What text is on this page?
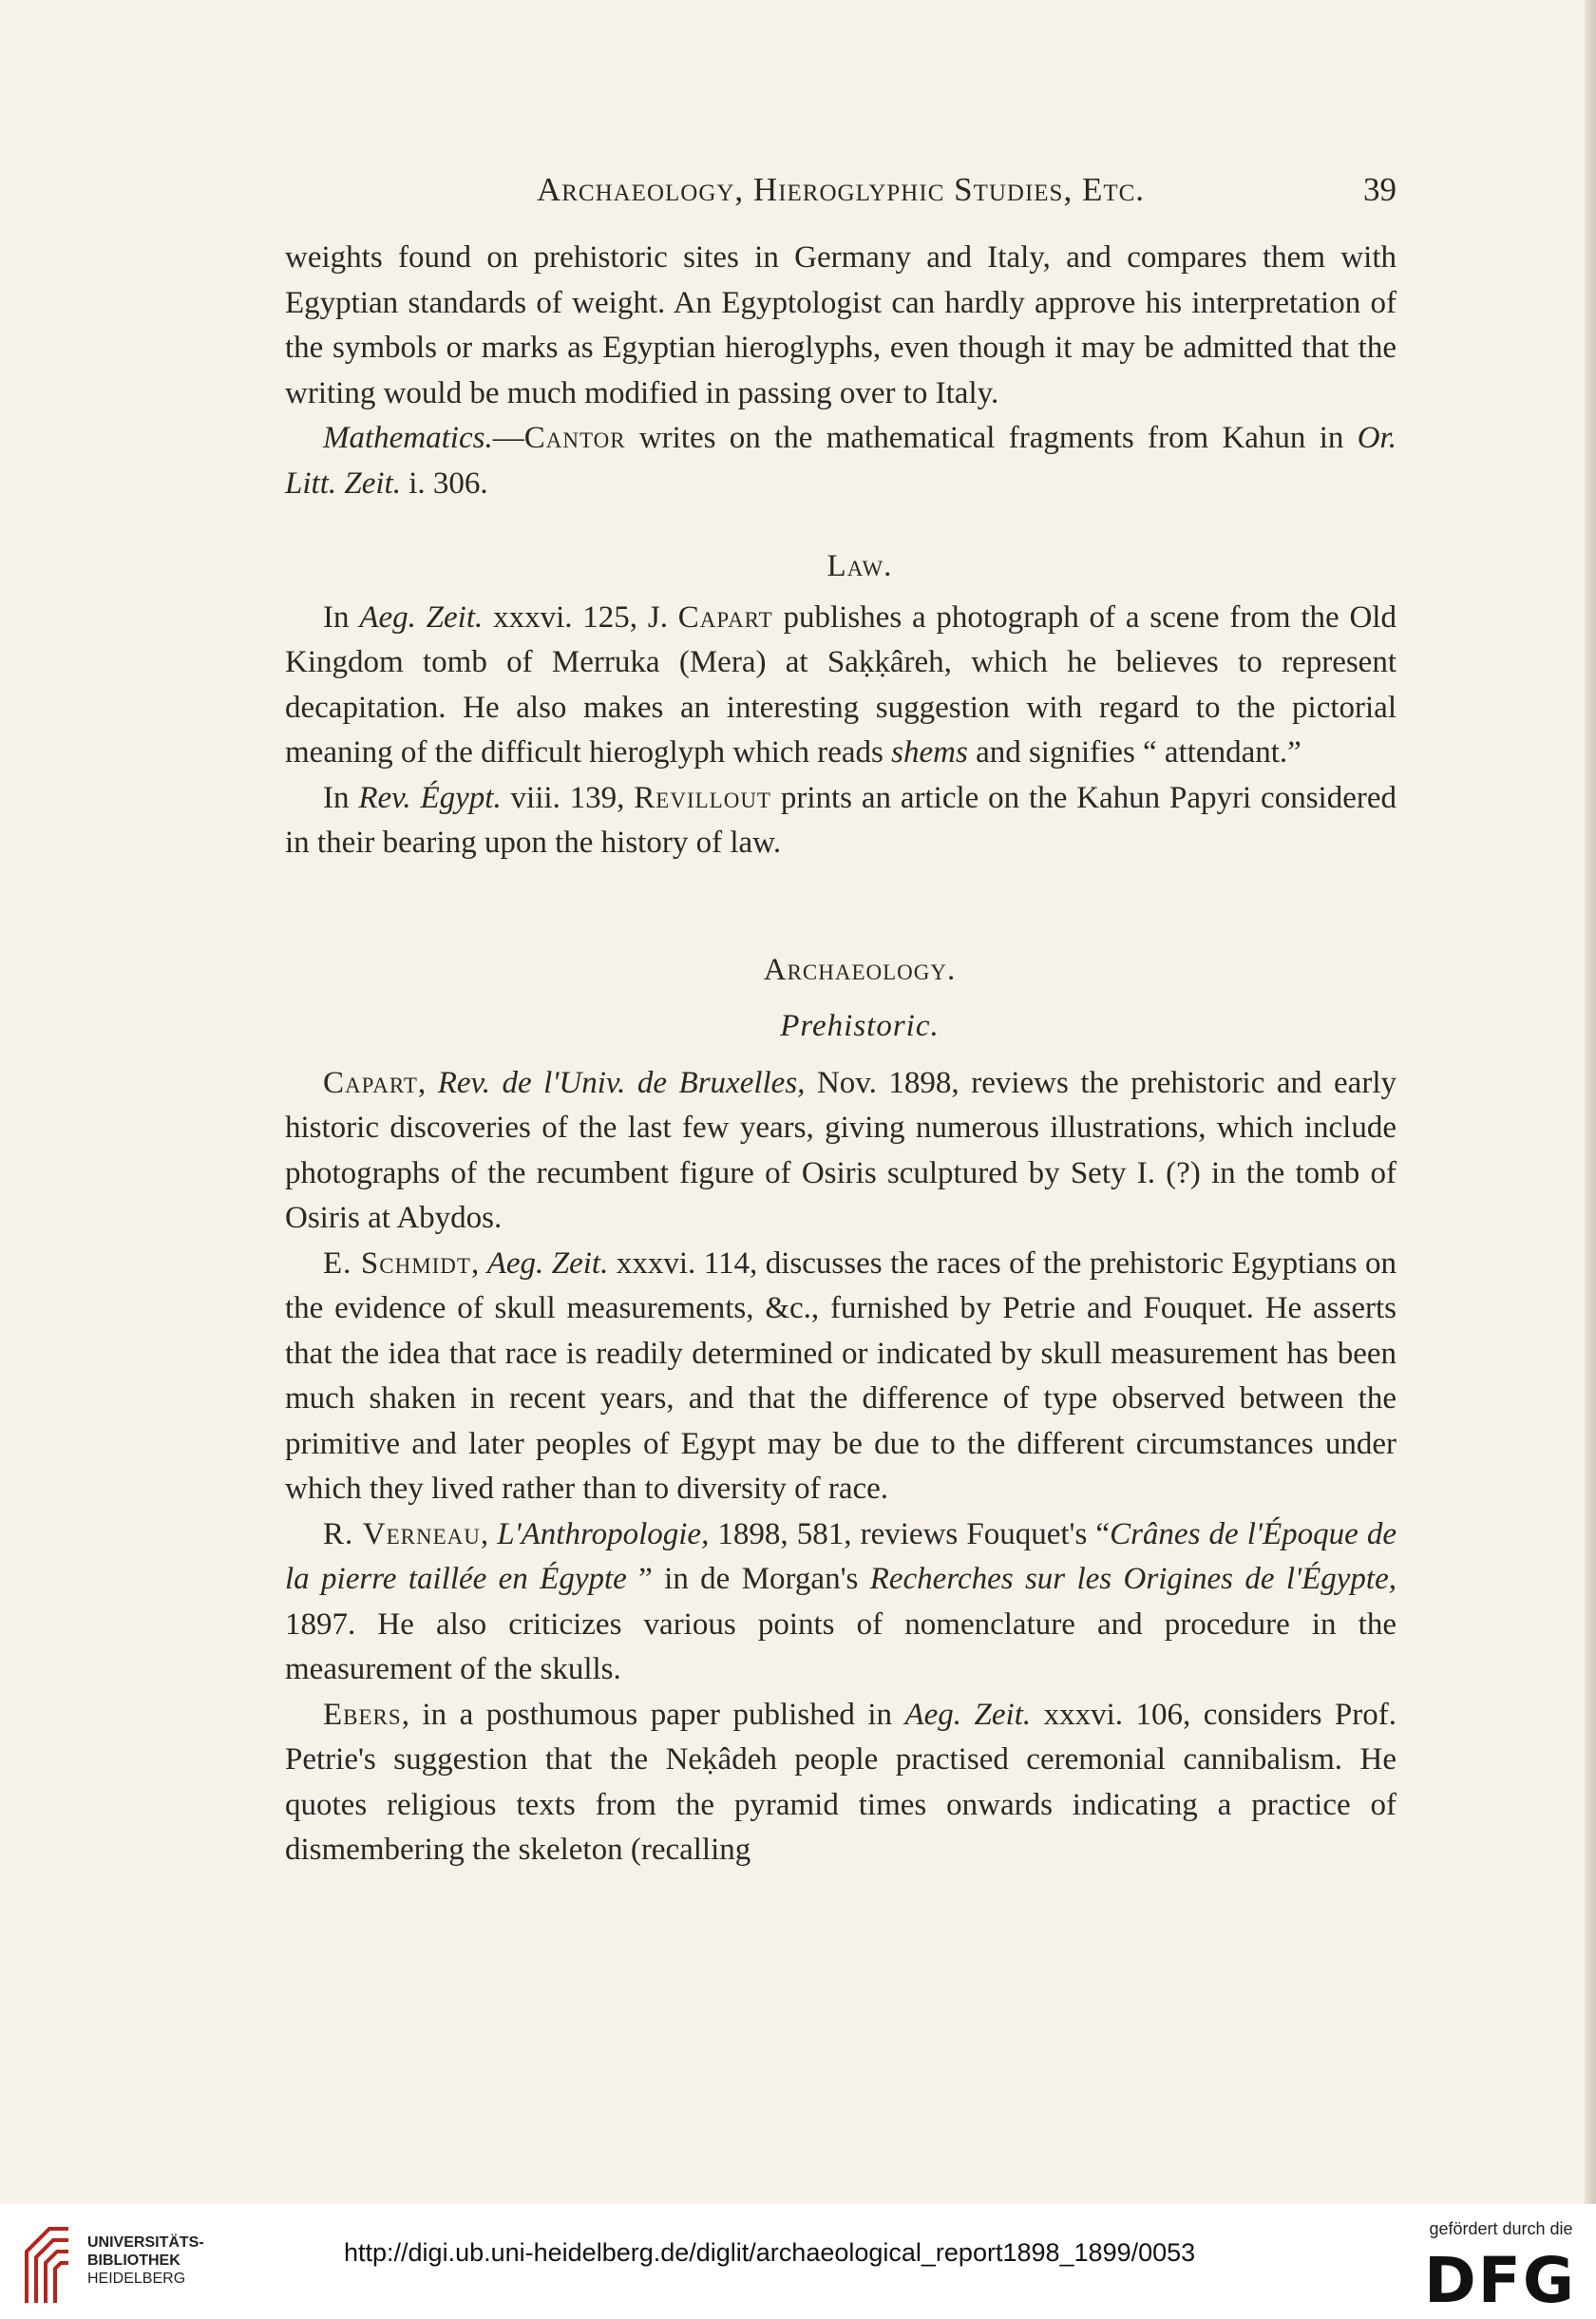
Archaeology, Hieroglyphic Studies, Etc.	39

weights found on prehistoric sites in Germany and Italy, and compares them with Egyptian standards of weight. An Egyptologist can hardly approve his interpretation of the symbols or marks as Egyptian hieroglyphs, even though it may be admitted that the writing would be much modified in passing over to Italy.

Mathematics.—Cantor writes on the mathematical fragments from Kahun in Or. Litt. Zeit. i. 306.

Law.

In Aeg. Zeit. xxxvi. 125, J. Capart publishes a photograph of a scene from the Old Kingdom tomb of Merruka (Mera) at Saḳḳâreh, which he believes to represent decapitation. He also makes an interesting suggestion with regard to the pictorial meaning of the difficult hieroglyph which reads shems and signifies “ attendant.”

In Rev. Égypt. viii. 139, Revillout prints an article on the Kahun Papyri considered in their bearing upon the history of law.

Archaeology.

Prehistoric.

Capart, Rev. de l'Univ. de Bruxelles, Nov. 1898, reviews the prehistoric and early historic discoveries of the last few years, giving numerous illustrations, which include photographs of the recumbent figure of Osiris sculptured by Sety I. (?) in the tomb of Osiris at Abydos.

E. Schmidt, Aeg. Zeit. xxxvi. 114, discusses the races of the prehistoric Egyptians on the evidence of skull measurements, &c., furnished by Petrie and Fouquet. He asserts that the idea that race is readily determined or indicated by skull measurement has been much shaken in recent years, and that the difference of type observed between the primitive and later peoples of Egypt may be due to the different circumstances under which they lived rather than to diversity of race.

R. Verneau, L'Anthropologie, 1898, 581, reviews Fouquet's “Crânes de l'Époque de la pierre taillée en Égypte ” in de Morgan's Recherches sur les Origines de l'Égypte, 1897. He also criticizes various points of nomenclature and procedure in the measurement of the skulls.

Ebers, in a posthumous paper published in Aeg. Zeit. xxxvi. 106, considers Prof. Petrie's suggestion that the Neḳâdeh people practised ceremonial cannibalism. He quotes religious texts from the pyramid times onwards indicating a practice of dismembering the skeleton (recalling

UNIVERSITÄTS-
BIBLIOTHEK
HEIDELBERG
http://digi.ub.uni-heidelberg.de/diglit/archaeological_report1898_1899/0053
gefördert durch die
DFG
